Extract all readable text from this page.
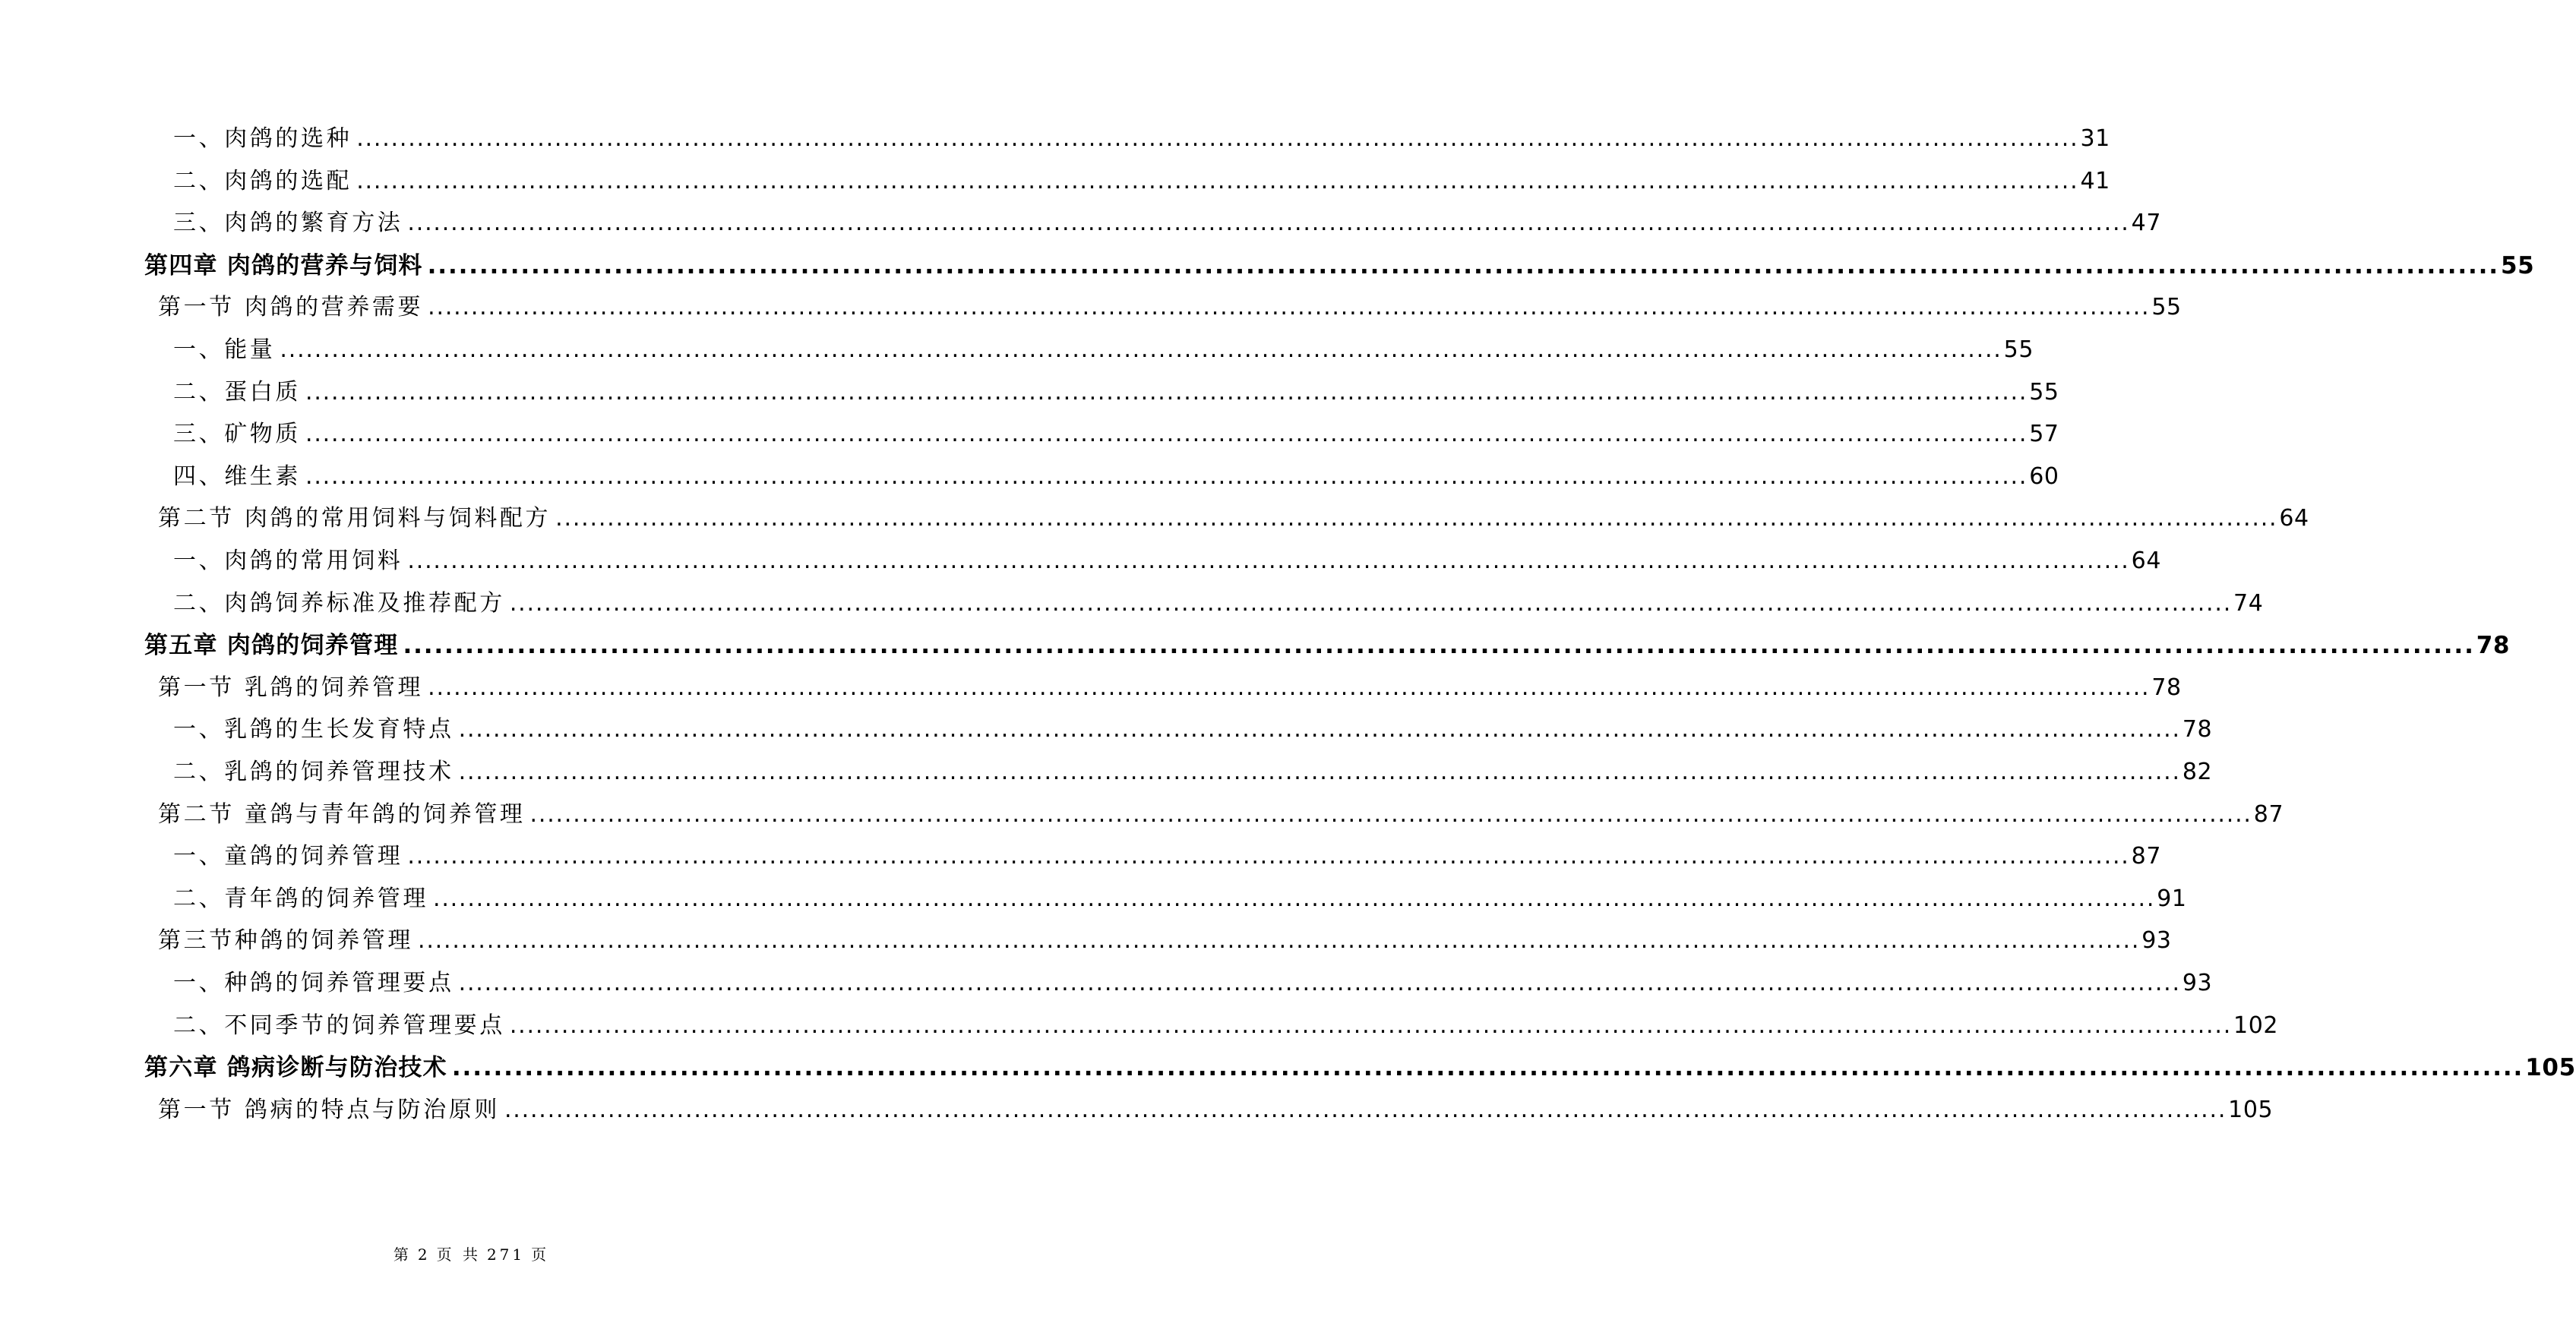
一、肉鸽的选种 ........................................................................................................................................................................................................ 31
二、肉鸽的选配 ........................................................................................................................................................................................................ 41
三、肉鸽的繁育方法 ........................................................................................................................................................................................................ 47
第四章 肉鸽的营养与饲料 ........................................................................................................................................................................................................ 55
第一节 肉鸽的营养需要 ........................................................................................................................................................................................................ 55
一、能量 ........................................................................................................................................................................................................ 55
二、蛋白质 ........................................................................................................................................................................................................ 55
三、矿物质 ........................................................................................................................................................................................................ 57
四、维生素 ........................................................................................................................................................................................................ 60
第二节 肉鸽的常用饲料与饲料配方 ........................................................................................................................................................................................................ 64
一、肉鸽的常用饲料 ........................................................................................................................................................................................................ 64
二、肉鸽饲养标准及推荐配方 ........................................................................................................................................................................................................ 74
第五章 肉鸽的饲养管理 ........................................................................................................................................................................................................ 78
第一节 乳鸽的饲养管理 ........................................................................................................................................................................................................ 78
一、乳鸽的生长发育特点 ........................................................................................................................................................................................................ 78
二、乳鸽的饲养管理技术 ........................................................................................................................................................................................................ 82
第二节 童鸽与青年鸽的饲养管理 ........................................................................................................................................................................................................ 87
一、童鸽的饲养管理 ........................................................................................................................................................................................................ 87
二、青年鸽的饲养管理 ........................................................................................................................................................................................................ 91
第三节种鸽的饲养管理 ........................................................................................................................................................................................................ 93
一、种鸽的饲养管理要点 ........................................................................................................................................................................................................ 93
二、不同季节的饲养管理要点 ........................................................................................................................................................................................................ 102
第六章 鸽病诊断与防治技术 ........................................................................................................................................................................................................ 105
第一节 鸽病的特点与防治原则 ........................................................................................................................................................................................................ 105
第 2 页 共 271 页
